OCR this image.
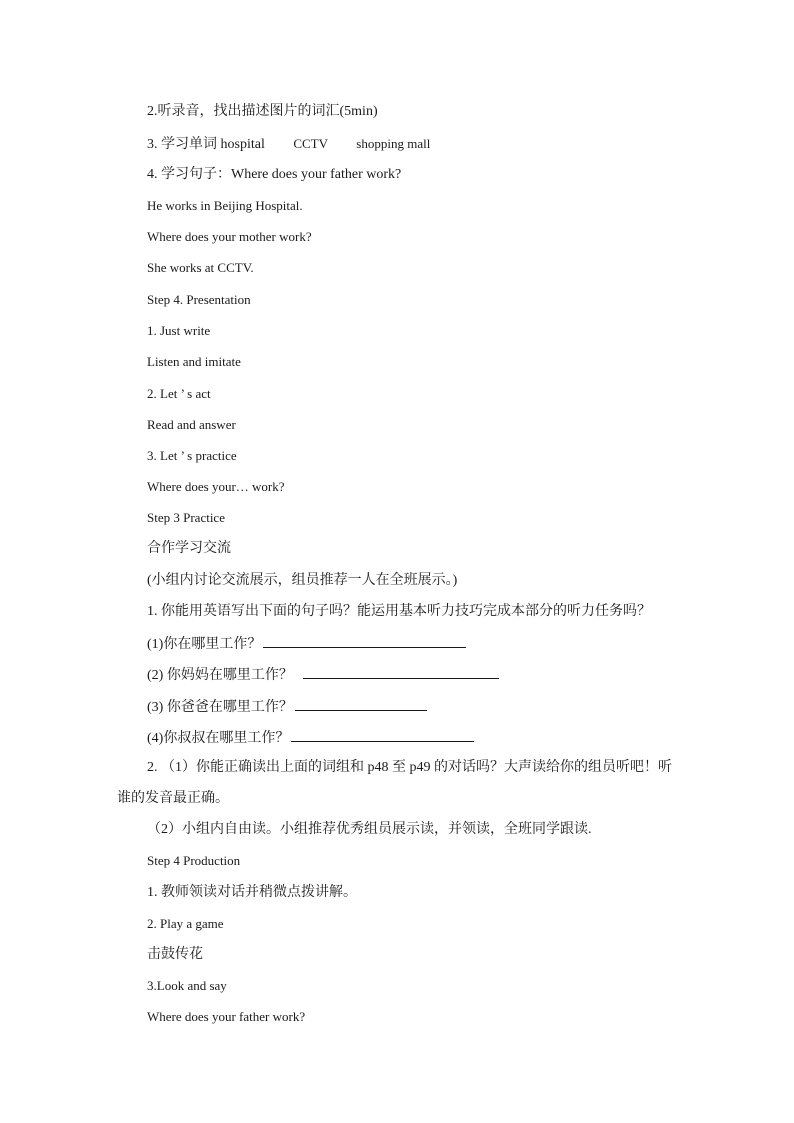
2.听录音，找出描述图片的词汇(5min)
3. 学习单词 hospital CCTV shopping mall
4. 学习句子：Where does your father work?
He works in Beijing Hospital.
Where does your mother work?
She works at CCTV.
Step 4. Presentation
1. Just write
Listen and imitate
2. Let ’ s act
Read and answer
3. Let ’ s practice
Where does your… work?
Step 3 Practice
合作学习交流
(小组内讨论交流展示，组员推荐一人在全班展示。)
1. 你能用英语写出下面的句子吗？能运用基本听力技巧完成本部分的听力任务吗？
(1)你在哪里工作？
(2) 你妈妈在哪里工作？
(3) 你爸爸在哪里工作？
(4)你叔叔在哪里工作？
2. （1）你能正确读出上面的词组和 p48 至 p49 的对话吗？大声读给你的组员听吧！听
谁的发音最正确。
（2）小组内自由读。小组推荐优秀组员展示读，并领读，全班同学跟读.
Step 4 Production
1. 教师领读对话并稍微点拨讲解。
2. Play a game
击鼓传花
3.Look and say
Where does your father work?
